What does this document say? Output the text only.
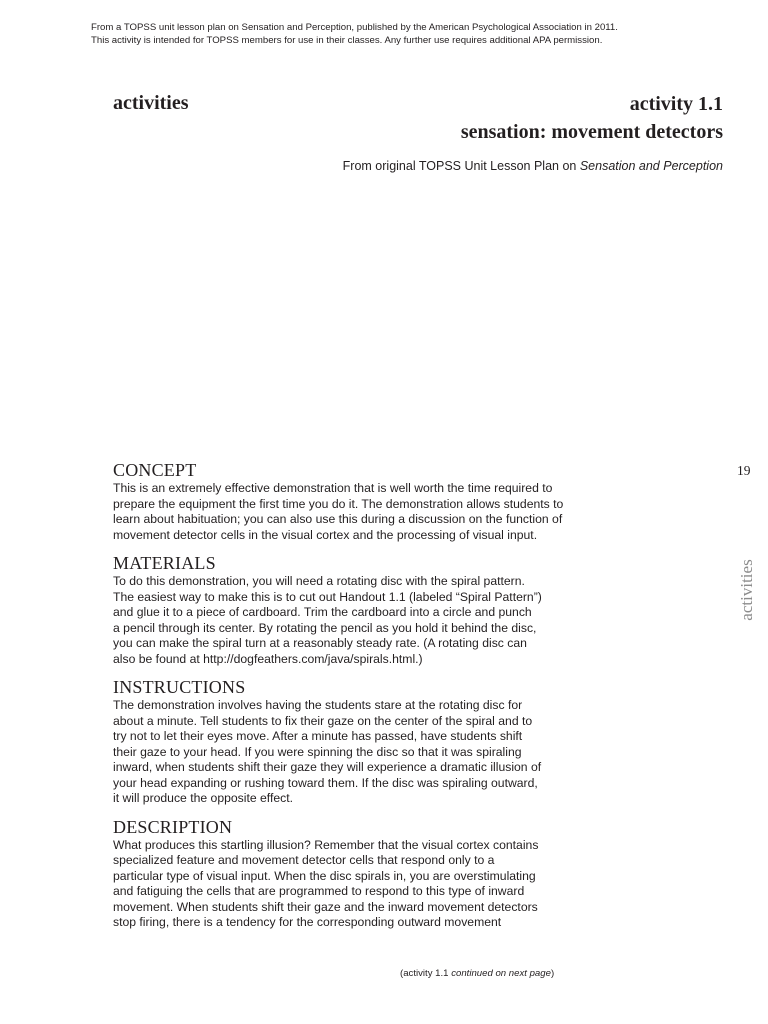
From a TOPSS unit lesson plan on Sensation and Perception, published by the American Psychological Association in 2011.
This activity is intended for TOPSS members for use in their classes. Any further use requires additional APA permission.
activities	activity 1.1
sensation: movement detectors
From original TOPSS Unit Lesson Plan on Sensation and Perception
19
activities
CONCEPT
This is an extremely effective demonstration that is well worth the time required to
prepare the equipment the first time you do it. The demonstration allows students to
learn about habituation; you can also use this during a discussion on the function of
movement detector cells in the visual cortex and the processing of visual input.
MATERIALS
To do this demonstration, you will need a rotating disc with the spiral pattern.
The easiest way to make this is to cut out Handout 1.1 (labeled “Spiral Pattern”)
and glue it to a piece of cardboard. Trim the cardboard into a circle and punch
a pencil through its center. By rotating the pencil as you hold it behind the disc,
you can make the spiral turn at a reasonably steady rate. (A rotating disc can
also be found at http://dogfeathers.com/java/spirals.html.)
INSTRUCTIONS
The demonstration involves having the students stare at the rotating disc for
about a minute. Tell students to fix their gaze on the center of the spiral and to
try not to let their eyes move. After a minute has passed, have students shift
their gaze to your head. If you were spinning the disc so that it was spiraling
inward, when students shift their gaze they will experience a dramatic illusion of
your head expanding or rushing toward them. If the disc was spiraling outward,
it will produce the opposite effect.
DESCRIPTION
What produces this startling illusion? Remember that the visual cortex contains
specialized feature and movement detector cells that respond only to a
particular type of visual input. When the disc spirals in, you are overstimulating
and fatiguing the cells that are programmed to respond to this type of inward
movement. When students shift their gaze and the inward movement detectors
stop firing, there is a tendency for the corresponding outward movement
(activity 1.1 continued on next page)
